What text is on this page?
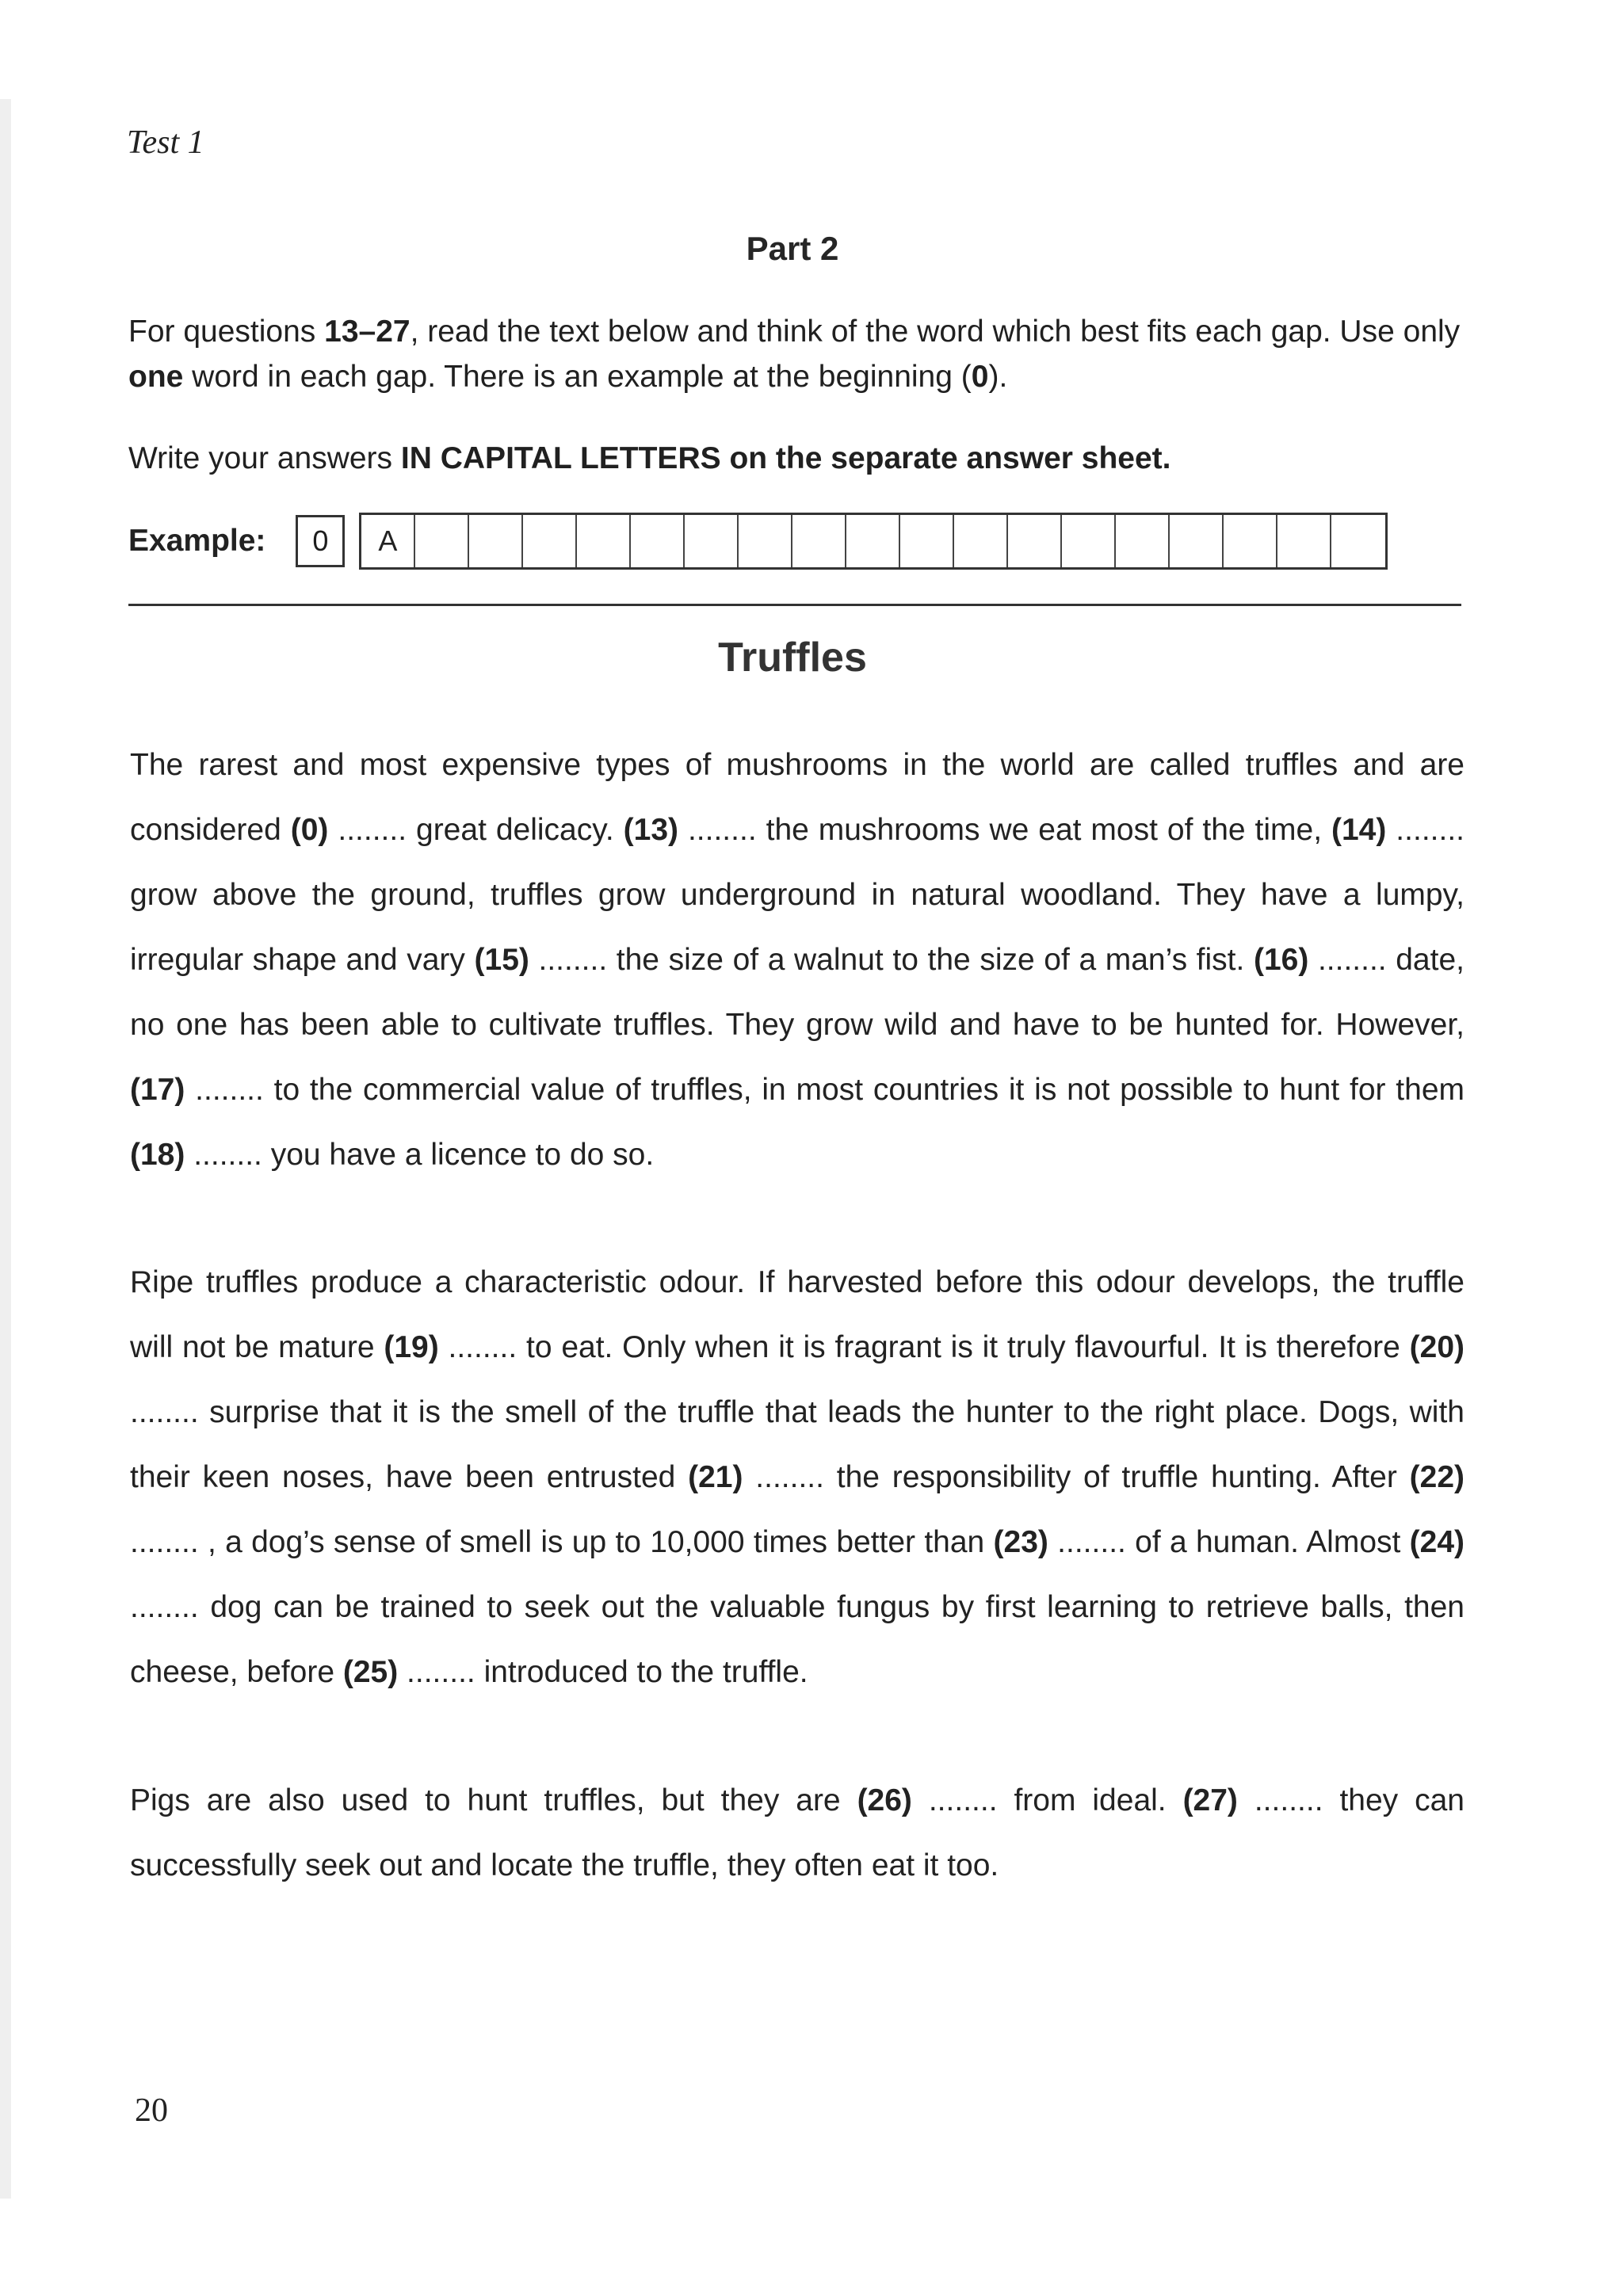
Test 1
Part 2

For questions 13–27, read the text below and think of the word which best fits each gap. Use only one word in each gap. There is an example at the beginning (0).

Write your answers IN CAPITAL LETTERS on the separate answer sheet.

Example:	0	A
Truffles

The rarest and most expensive types of mushrooms in the world are called truffles and are considered (0) ........ great delicacy. (13) ........ the mushrooms we eat most of the time, (14) ........ grow above the ground, truffles grow underground in natural woodland. They have a lumpy, irregular shape and vary (15) ........ the size of a walnut to the size of a man’s fist. (16) ........ date, no one has been able to cultivate truffles. They grow wild and have to be hunted for. However, (17) ........ to the commercial value of truffles, in most countries it is not possible to hunt for them (18) ........ you have a licence to do so.

Ripe truffles produce a characteristic odour. If harvested before this odour develops, the truffle will not be mature (19) ........ to eat. Only when it is fragrant is it truly flavourful. It is therefore (20) ........ surprise that it is the smell of the truffle that leads the hunter to the right place. Dogs, with their keen noses, have been entrusted (21) ........ the responsibility of truffle hunting. After (22) ........ , a dog’s sense of smell is up to 10,000 times better than (23) ........ of a human. Almost (24) ........ dog can be trained to seek out the valuable fungus by first learning to retrieve balls, then cheese, before (25) ........ introduced to the truffle.

Pigs are also used to hunt truffles, but they are (26) ........ from ideal. (27) ........ they can successfully seek out and locate the truffle, they often eat it too.

20
